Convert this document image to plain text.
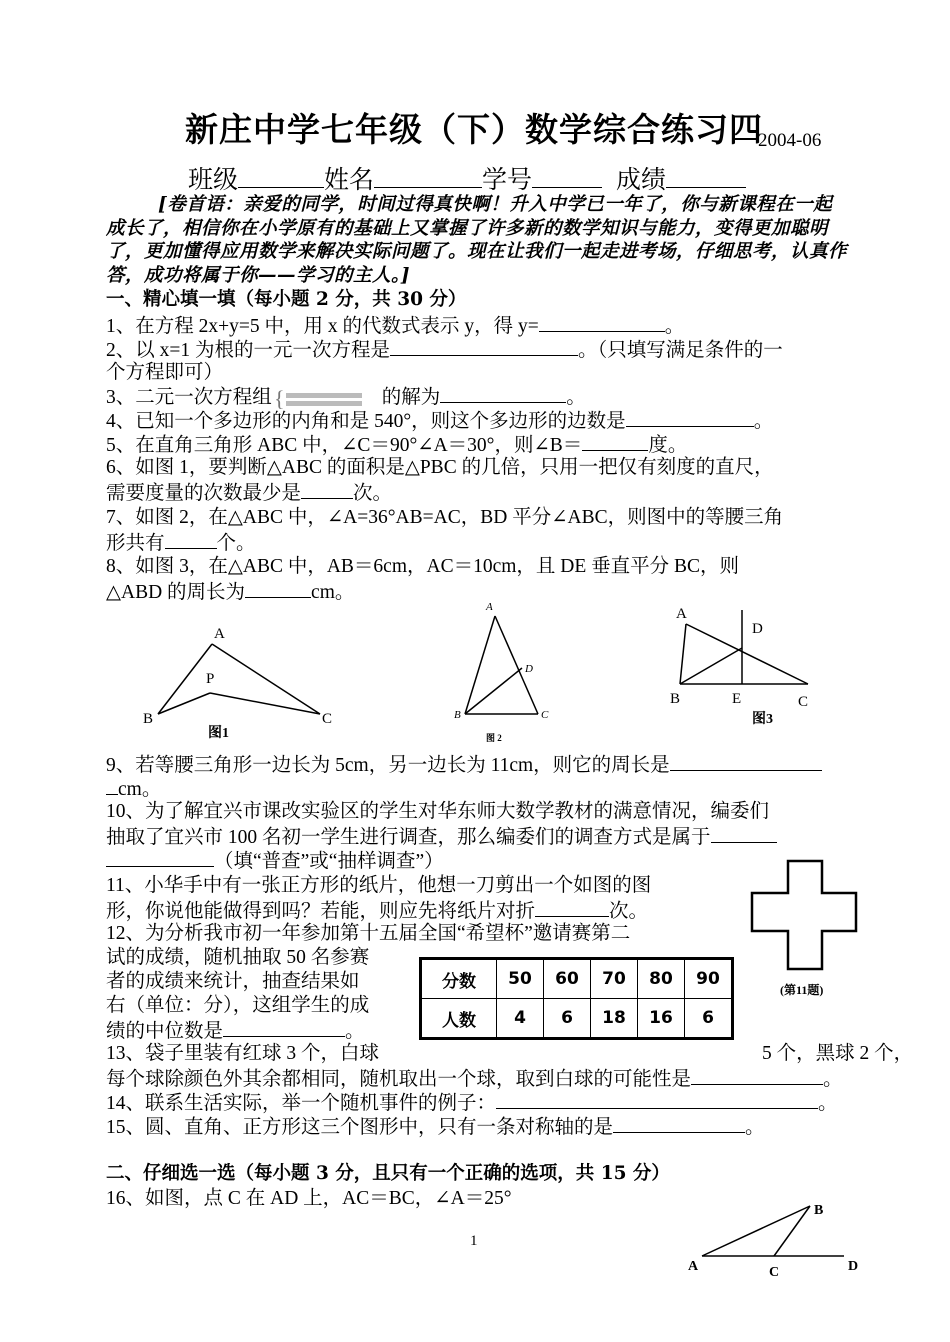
新庄中学七年级（下）数学综合练习四
2004-06
班级	姓名	学号	成绩
[卷首语：亲爱的同学，时间过得真快啊！升入中学已一年了，你与新课程在一起成长了，相信你在小学原有的基础上又掌握了许多新的数学知识与能力，变得更加聪明了，更加懂得应用数学来解决实际问题了。现在让我们一起走进考场，仔细思考，认真作答，成功将属于你——学习的主人。]
一、精心填一填（每小题 2 分，共 30 分）
1、在方程 2x+y=5 中，用 x 的代数式表示 y，得 y=	。
2、以 x=1 为根的一元一次方程是	。（只填写满足条件的一
个方程即可）
3、二元一次方程组 {	的解为	。
4、已知一个多边形的内角和是 540°，则这个多边形的边数是	。
5、在直角三角形 ABC 中，∠C＝90°∠A＝30°，则∠B＝	度。
6、如图 1，要判断△ABC 的面积是△PBC 的几倍，只用一把仅有刻度的直尺，
需要度量的次数最少是	次。
7、如图 2，在△ABC 中，∠A=36°AB=AC，BD 平分∠ABC，则图中的等腰三角
形共有	个。
8、如图 3，在△ABC 中，AB＝6cm，AC＝10cm，且 DE 垂直平分 BC，则
△ABD 的周长为	cm。
A
P
B	C
图1
A
D
B	C
图 2
A
D
B	E	C
图3
9、若等腰三角形一边长为 5cm，另一边长为 11cm，则它的周长是
cm。
10、为了解宜兴市课改实验区的学生对华东师大数学教材的满意情况，编委们
抽取了宜兴市 100 名初一学生进行调查，那么编委们的调查方式是属于
（填“普查”或“抽样调查”）
11、小华手中有一张正方形的纸片，他想一刀剪出一个如图的图
形，你说他能做得到吗？若能，则应先将纸片对折	次。
(第11题)
12、为分析我市初一年参加第十五届全国“希望杯”邀请赛第二
试的成绩，随机抽取 50 名参赛
者的成绩来统计，抽查结果如
右（单位：分），这组学生的成
绩的中位数是	。
分数	50	60	70	80	90
人数	4	6	18	16	6
13、袋子里装有红球 3 个，白球	5 个，黑球 2 个，
每个球除颜色外其余都相同，随机取出一个球，取到白球的可能性是	。
14、联系生活实际，举一个随机事件的例子：	。
15、圆、直角、正方形这三个图形中，只有一条对称轴的是	。
二、仔细选一选（每小题 3 分，且只有一个正确的选项，共 15 分）
16、如图，点 C 在 AD 上，AC＝BC，∠A＝25°
B
A	C	D
1
